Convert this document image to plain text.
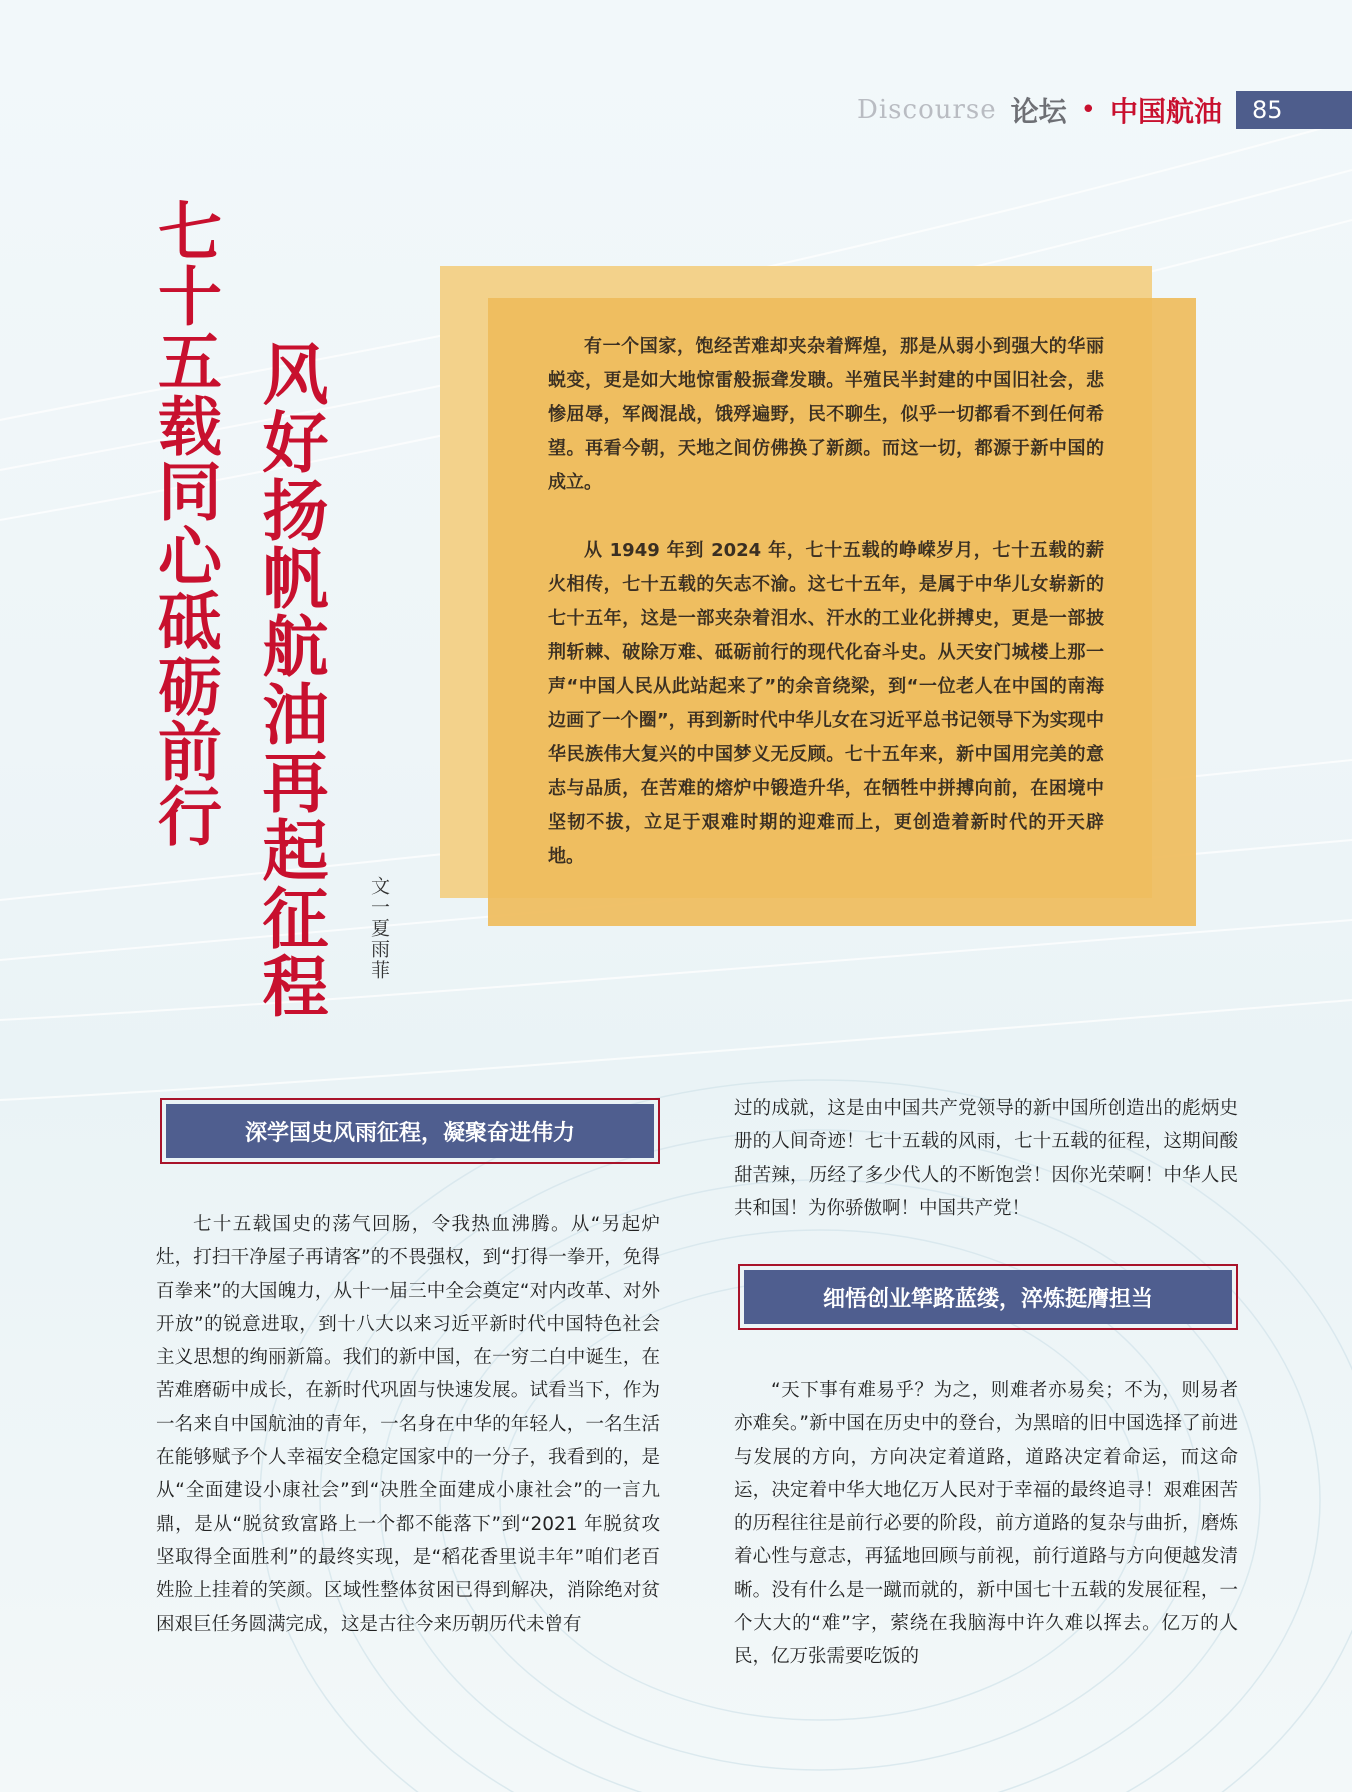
Discourse 论坛 • 中国航油	85
七十五载同心砥砺前行 风好扬帆航油再起征程 文一夏雨菲

有一个国家，饱经苦难却夹杂着辉煌，那是从弱小到强大的华丽蜕变，更是如大地惊雷般振聋发聩。半殖民半封建的中国旧社会，悲惨屈辱，军阀混战，饿殍遍野，民不聊生，似乎一切都看不到任何希望。再看今朝，天地之间仿佛换了新颜。而这一切，都源于新中国的成立。

从 1949 年到 2024 年，七十五载的峥嵘岁月，七十五载的薪火相传，七十五载的矢志不渝。这七十五年，是属于中华儿女崭新的七十五年，这是一部夹杂着泪水、汗水的工业化拼搏史，更是一部披荆斩棘、破除万难、砥砺前行的现代化奋斗史。从天安门城楼上那一声“中国人民从此站起来了”的余音绕梁，到“一位老人在中国的南海边画了一个圈”，再到新时代中华儿女在习近平总书记领导下为实现中华民族伟大复兴的中国梦义无反顾。七十五年来，新中国用完美的意志与品质，在苦难的熔炉中锻造升华，在牺牲中拼搏向前，在困境中坚韧不拔，立足于艰难时期的迎难而上，更创造着新时代的开天辟地。

深学国史风雨征程，凝聚奋进伟力

七十五载国史的荡气回肠，令我热血沸腾。从“另起炉灶，打扫干净屋子再请客”的不畏强权，到“打得一拳开，免得百拳来”的大国魄力，从十一届三中全会奠定“对内改革、对外开放”的锐意进取，到十八大以来习近平新时代中国特色社会主义思想的绚丽新篇。我们的新中国，在一穷二白中诞生，在苦难磨砺中成长，在新时代巩固与快速发展。试看当下，作为一名来自中国航油的青年，一名身在中华的年轻人，一名生活在能够赋予个人幸福安全稳定国家中的一分子，我看到的，是从“全面建设小康社会”到“决胜全面建成小康社会”的一言九鼎，是从“脱贫致富路上一个都不能落下”到“2021 年脱贫攻坚取得全面胜利”的最终实现，是“稻花香里说丰年”咱们老百姓脸上挂着的笑颜。区域性整体贫困已得到解决，消除绝对贫困艰巨任务圆满完成，这是古往今来历朝历代未曾有

过的成就，这是由中国共产党领导的新中国所创造出的彪炳史册的人间奇迹！七十五载的风雨，七十五载的征程，这期间酸甜苦辣，历经了多少代人的不断饱尝！因你光荣啊！中华人民共和国！为你骄傲啊！中国共产党！

细悟创业筚路蓝缕，淬炼挺膺担当

“天下事有难易乎？为之，则难者亦易矣；不为，则易者亦难矣。”新中国在历史中的登台，为黑暗的旧中国选择了前进与发展的方向，方向决定着道路，道路决定着命运，而这命运，决定着中华大地亿万人民对于幸福的最终追寻！艰难困苦的历程往往是前行必要的阶段，前方道路的复杂与曲折，磨炼着心性与意志，再猛地回顾与前视，前行道路与方向便越发清晰。没有什么是一蹴而就的，新中国七十五载的发展征程，一个大大的“难”字，萦绕在我脑海中许久难以挥去。亿万的人民，亿万张需要吃饭的
